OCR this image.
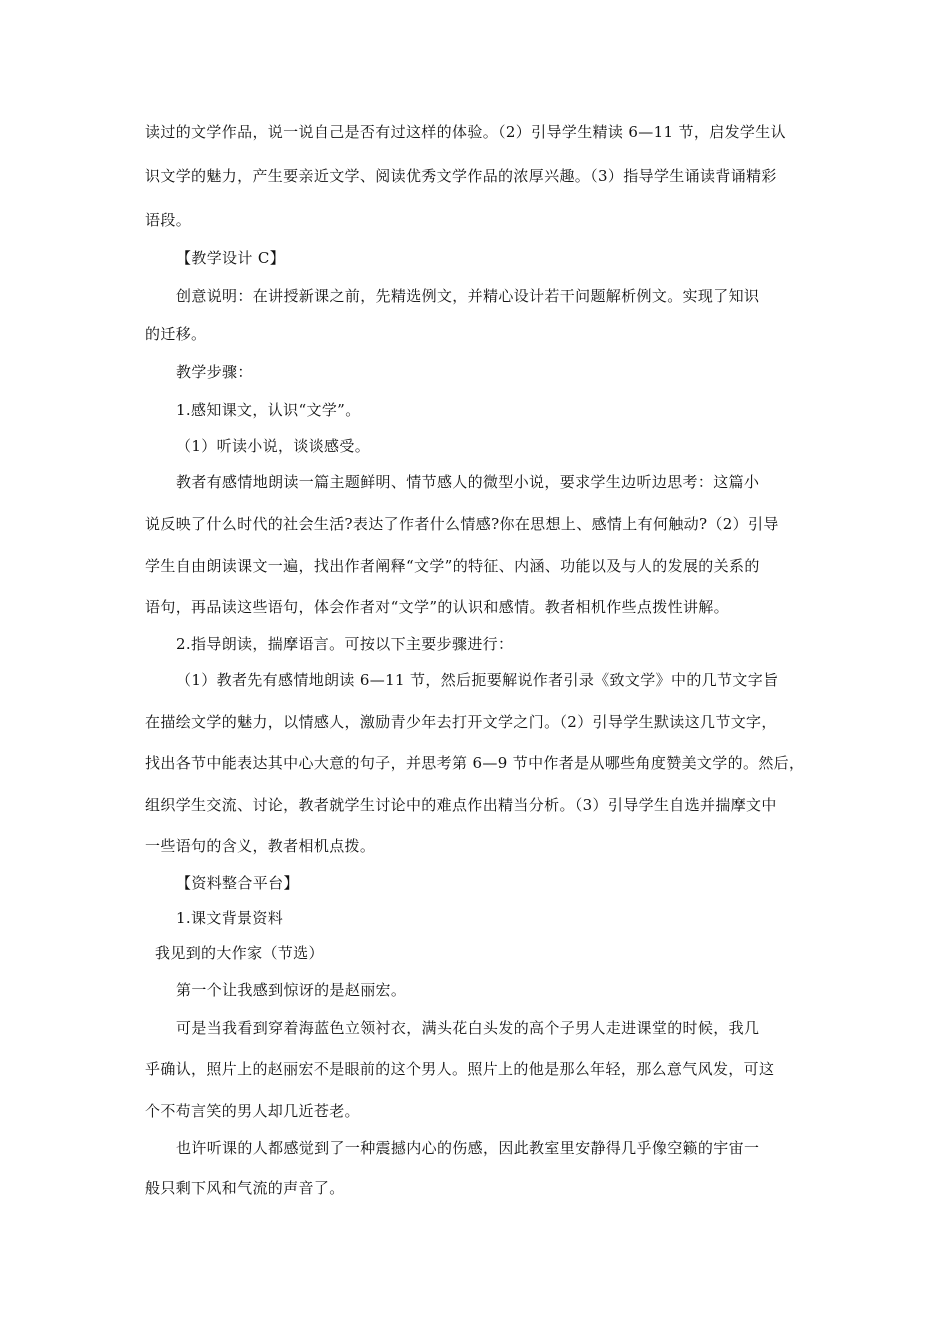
读过的文学作品，说一说自己是否有过这样的体验。（2）引导学生精读 6—11 节，启发学生认
识文学的魅力，产生要亲近文学、阅读优秀文学作品的浓厚兴趣。（3）指导学生诵读背诵精彩
语段。
【教学设计 C】
创意说明：在讲授新课之前，先精选例文，并精心设计若干问题解析例文。实现了知识
的迁移。
教学步骤：
1.感知课文，认识“文学”。
（1）听读小说，谈谈感受。
教者有感情地朗读一篇主题鲜明、情节感人的微型小说，要求学生边听边思考：这篇小
说反映了什么时代的社会生活?表达了作者什么情感?你在思想上、感情上有何触动?（2）引导
学生自由朗读课文一遍，找出作者阐释“文学”的特征、内涵、功能以及与人的发展的关系的
语句，再品读这些语句，体会作者对“文学”的认识和感情。教者相机作些点拨性讲解。
2.指导朗读，揣摩语言。可按以下主要步骤进行：
（1）教者先有感情地朗读 6—11 节，然后扼要解说作者引录《致文学》中的几节文字旨
在描绘文学的魅力，以情感人，激励青少年去打开文学之门。（2）引导学生默读这几节文字，
找出各节中能表达其中心大意的句子，并思考第 6—9 节中作者是从哪些角度赞美文学的。然后，
组织学生交流、讨论，教者就学生讨论中的难点作出精当分析。（3）引导学生自选并揣摩文中
一些语句的含义，教者相机点拨。
【资料整合平台】
1.课文背景资料
我见到的大作家（节选）
第一个让我感到惊讶的是赵丽宏。
可是当我看到穿着海蓝色立领衬衣，满头花白头发的高个子男人走进课堂的时候，我几
乎确认，照片上的赵丽宏不是眼前的这个男人。照片上的他是那么年轻，那么意气风发，可这
个不苟言笑的男人却几近苍老。
也许听课的人都感觉到了一种震撼内心的伤感，因此教室里安静得几乎像空籁的宇宙一
般只剩下风和气流的声音了。
